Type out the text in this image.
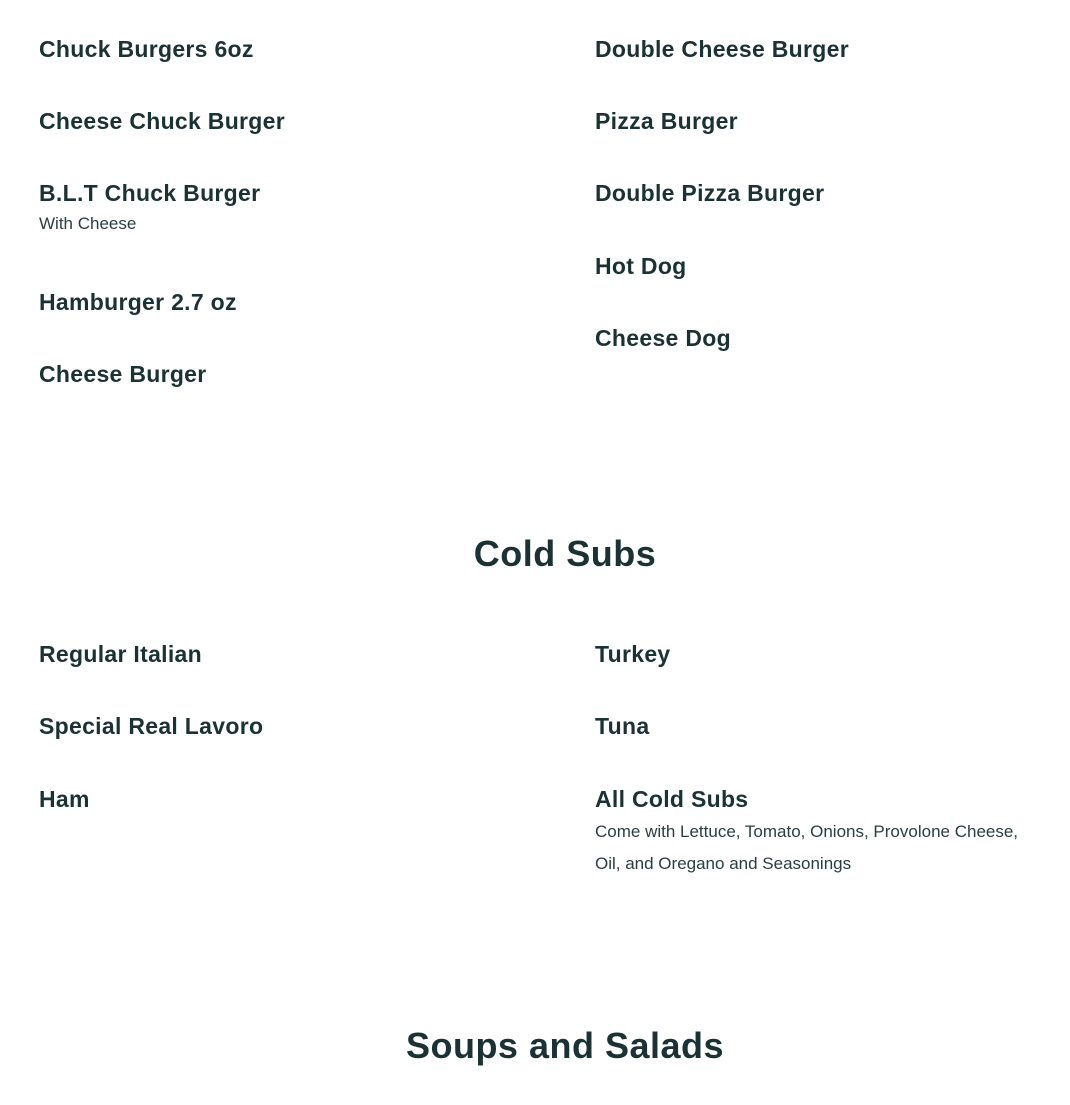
Chuck Burgers 6oz
Cheese Chuck Burger
B.L.T Chuck Burger
With Cheese
Hamburger 2.7 oz
Cheese Burger
Double Cheese Burger
Pizza Burger
Double Pizza Burger
Hot Dog
Cheese Dog
Cold Subs
Regular Italian
Special Real Lavoro
Ham
Turkey
Tuna
All Cold Subs
Come with Lettuce, Tomato, Onions, Provolone Cheese, Oil, and Oregano and Seasonings
Soups and Salads
